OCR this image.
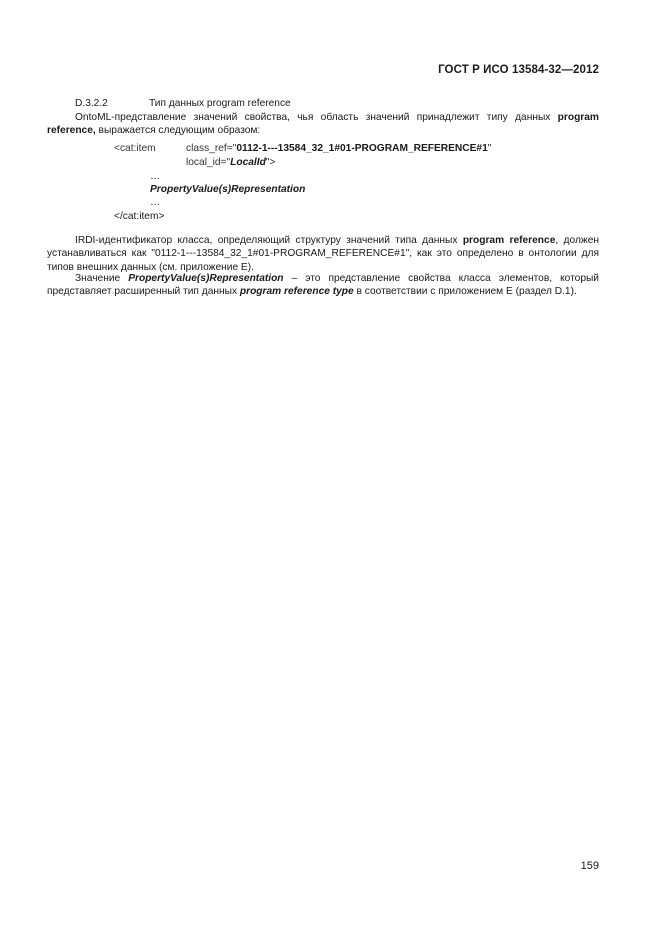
ГОСТ Р ИСО 13584-32—2012
D.3.2.2	Тип данных program reference

OntoML-представление значений свойства, чья область значений принадлежит типу данных program reference, выражается следующим образом:

<cat:item	class_ref="0112-1---13584_32_1#01-PROGRAM_REFERENCE#1"
local_id="LocalId">
…
PropertyValue(s)Representation
…
</cat:item>

IRDI-идентификатор класса, определяющий структуру значений типа данных program reference, должен устанавливаться как "0112-1---13584_32_1#01-PROGRAM_REFERENCE#1", как это определено в онтологии для типов внешних данных (см. приложение Е).

Значение PropertyValue(s)Representation – это представление свойства класса элементов, который представляет расширенный тип данных program reference type в соответствии с приложением Е (раздел D.1).

159
